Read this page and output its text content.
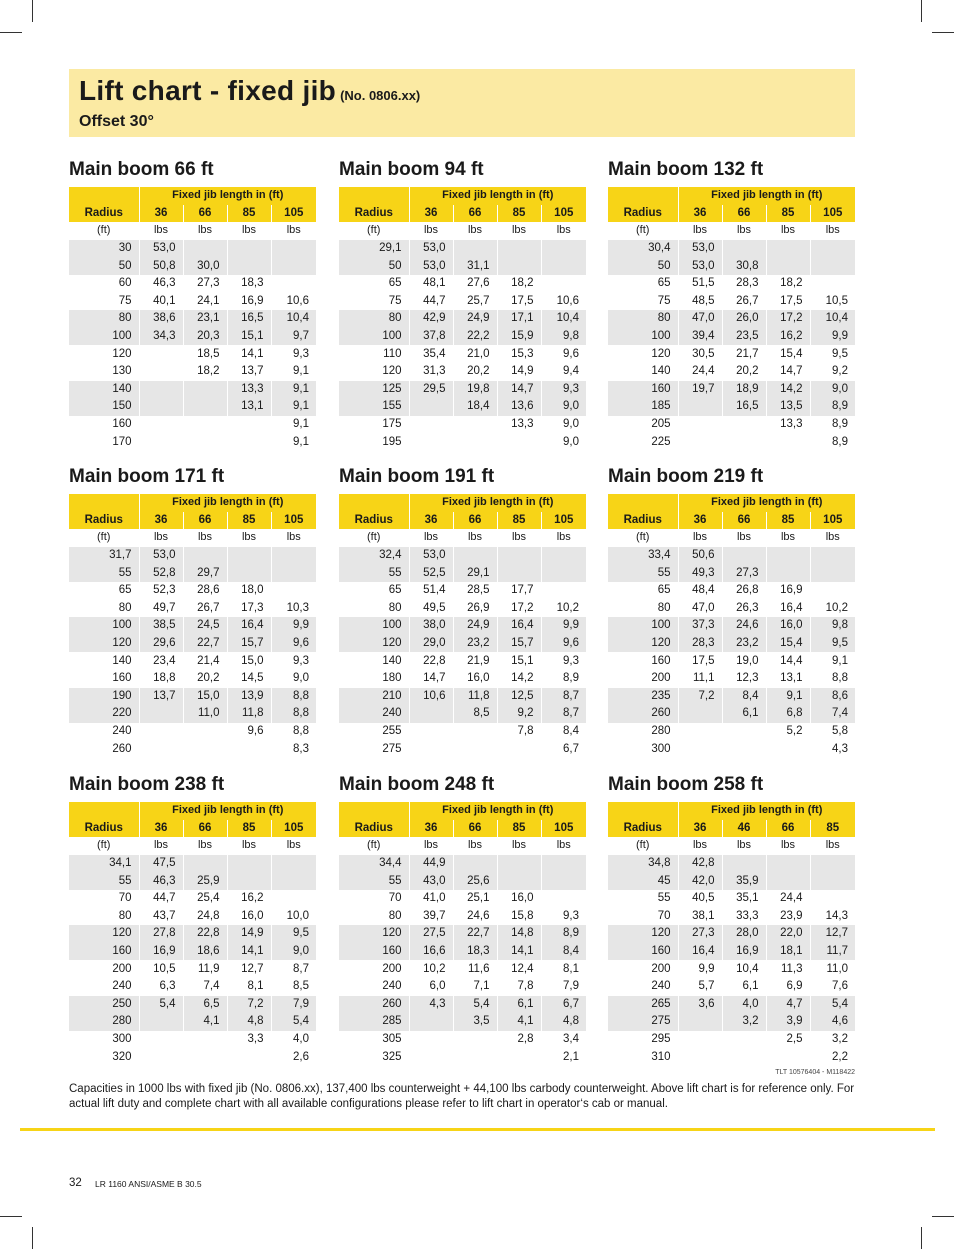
Lift chart - fixed jib (No. 0806.xx)
Offset 30°
Main boom 66 ft
	Fixed jib length in (ft)			
Radius	36	66	85	105
(ft)	lbs	lbs	lbs	lbs
30	53,0			
50	50,8	30,0		
60	46,3	27,3	18,3	
75	40,1	24,1	16,9	10,6
80	38,6	23,1	16,5	10,4
100	34,3	20,3	15,1	9,7
120		18,5	14,1	9,3
130		18,2	13,7	9,1
140			13,3	9,1
150			13,1	9,1
160				9,1
170				9,1
Main boom 94 ft
	Fixed jib length in (ft)			
Radius	36	66	85	105
(ft)	lbs	lbs	lbs	lbs
29,1	53,0			
50	53,0	31,1		
65	48,1	27,6	18,2	
75	44,7	25,7	17,5	10,6
80	42,9	24,9	17,1	10,4
100	37,8	22,2	15,9	9,8
110	35,4	21,0	15,3	9,6
120	31,3	20,2	14,9	9,4
125	29,5	19,8	14,7	9,3
155		18,4	13,6	9,0
175			13,3	9,0
195				9,0
Main boom 132 ft
	Fixed jib length in (ft)			
Radius	36	66	85	105
(ft)	lbs	lbs	lbs	lbs
30,4	53,0			
50	53,0	30,8		
65	51,5	28,3	18,2	
75	48,5	26,7	17,5	10,5
80	47,0	26,0	17,2	10,4
100	39,4	23,5	16,2	9,9
120	30,5	21,7	15,4	9,5
140	24,4	20,2	14,7	9,2
160	19,7	18,9	14,2	9,0
185		16,5	13,5	8,9
205			13,3	8,9
225				8,9
Main boom 171 ft
	Fixed jib length in (ft)			
Radius	36	66	85	105
(ft)	lbs	lbs	lbs	lbs
31,7	53,0			
55	52,8	29,7		
65	52,3	28,6	18,0	
80	49,7	26,7	17,3	10,3
100	38,5	24,5	16,4	9,9
120	29,6	22,7	15,7	9,6
140	23,4	21,4	15,0	9,3
160	18,8	20,2	14,5	9,0
190	13,7	15,0	13,9	8,8
220		11,0	11,8	8,8
240			9,6	8,8
260				8,3
Main boom 191 ft
	Fixed jib length in (ft)			
Radius	36	66	85	105
(ft)	lbs	lbs	lbs	lbs
32,4	53,0			
55	52,5	29,1		
65	51,4	28,5	17,7	
80	49,5	26,9	17,2	10,2
100	38,0	24,9	16,4	9,9
120	29,0	23,2	15,7	9,6
140	22,8	21,9	15,1	9,3
180	14,7	16,0	14,2	8,9
210	10,6	11,8	12,5	8,7
240		8,5	9,2	8,7
255			7,8	8,4
275				6,7
Main boom 219 ft
	Fixed jib length in (ft)			
Radius	36	66	85	105
(ft)	lbs	lbs	lbs	lbs
33,4	50,6			
55	49,3	27,3		
65	48,4	26,8	16,9	
80	47,0	26,3	16,4	10,2
100	37,3	24,6	16,0	9,8
120	28,3	23,2	15,4	9,5
160	17,5	19,0	14,4	9,1
200	11,1	12,3	13,1	8,8
235	7,2	8,4	9,1	8,6
260		6,1	6,8	7,4
280			5,2	5,8
300				4,3
Main boom 238 ft
	Fixed jib length in (ft)			
Radius	36	66	85	105
(ft)	lbs	lbs	lbs	lbs
34,1	47,5			
55	46,3	25,9		
70	44,7	25,4	16,2	
80	43,7	24,8	16,0	10,0
120	27,8	22,8	14,9	9,5
160	16,9	18,6	14,1	9,0
200	10,5	11,9	12,7	8,7
240	6,3	7,4	8,1	8,5
250	5,4	6,5	7,2	7,9
280		4,1	4,8	5,4
300			3,3	4,0
320				2,6
Main boom 248 ft
	Fixed jib length in (ft)			
Radius	36	66	85	105
(ft)	lbs	lbs	lbs	lbs
34,4	44,9			
55	43,0	25,6		
70	41,0	25,1	16,0	
80	39,7	24,6	15,8	9,3
120	27,5	22,7	14,8	8,9
160	16,6	18,3	14,1	8,4
200	10,2	11,6	12,4	8,1
240	6,0	7,1	7,8	7,9
260	4,3	5,4	6,1	6,7
285		3,5	4,1	4,8
305			2,8	3,4
325				2,1
Main boom 258 ft
	Fixed jib length in (ft)			
Radius	36	46	66	85
(ft)	lbs	lbs	lbs	lbs
34,8	42,8			
45	42,0	35,9		
55	40,5	35,1	24,4	
70	38,1	33,3	23,9	14,3
120	27,3	28,0	22,0	12,7
160	16,4	16,9	18,1	11,7
200	9,9	10,4	11,3	11,0
240	5,7	6,1	6,9	7,6
265	3,6	4,0	4,7	5,4
275		3,2	3,9	4,6
295			2,5	3,2
310				2,2
TLT 10576404 - M118422
Capacities in 1000 lbs with fixed jib (No. 0806.xx), 137,400 lbs counterweight + 44,100 lbs carbody counterweight. Above lift chart is for reference only. For actual lift duty and complete chart with all available configurations please refer to lift chart in operator‘s cab or manual.
32 LR 1160 ANSI/ASME B 30.5
